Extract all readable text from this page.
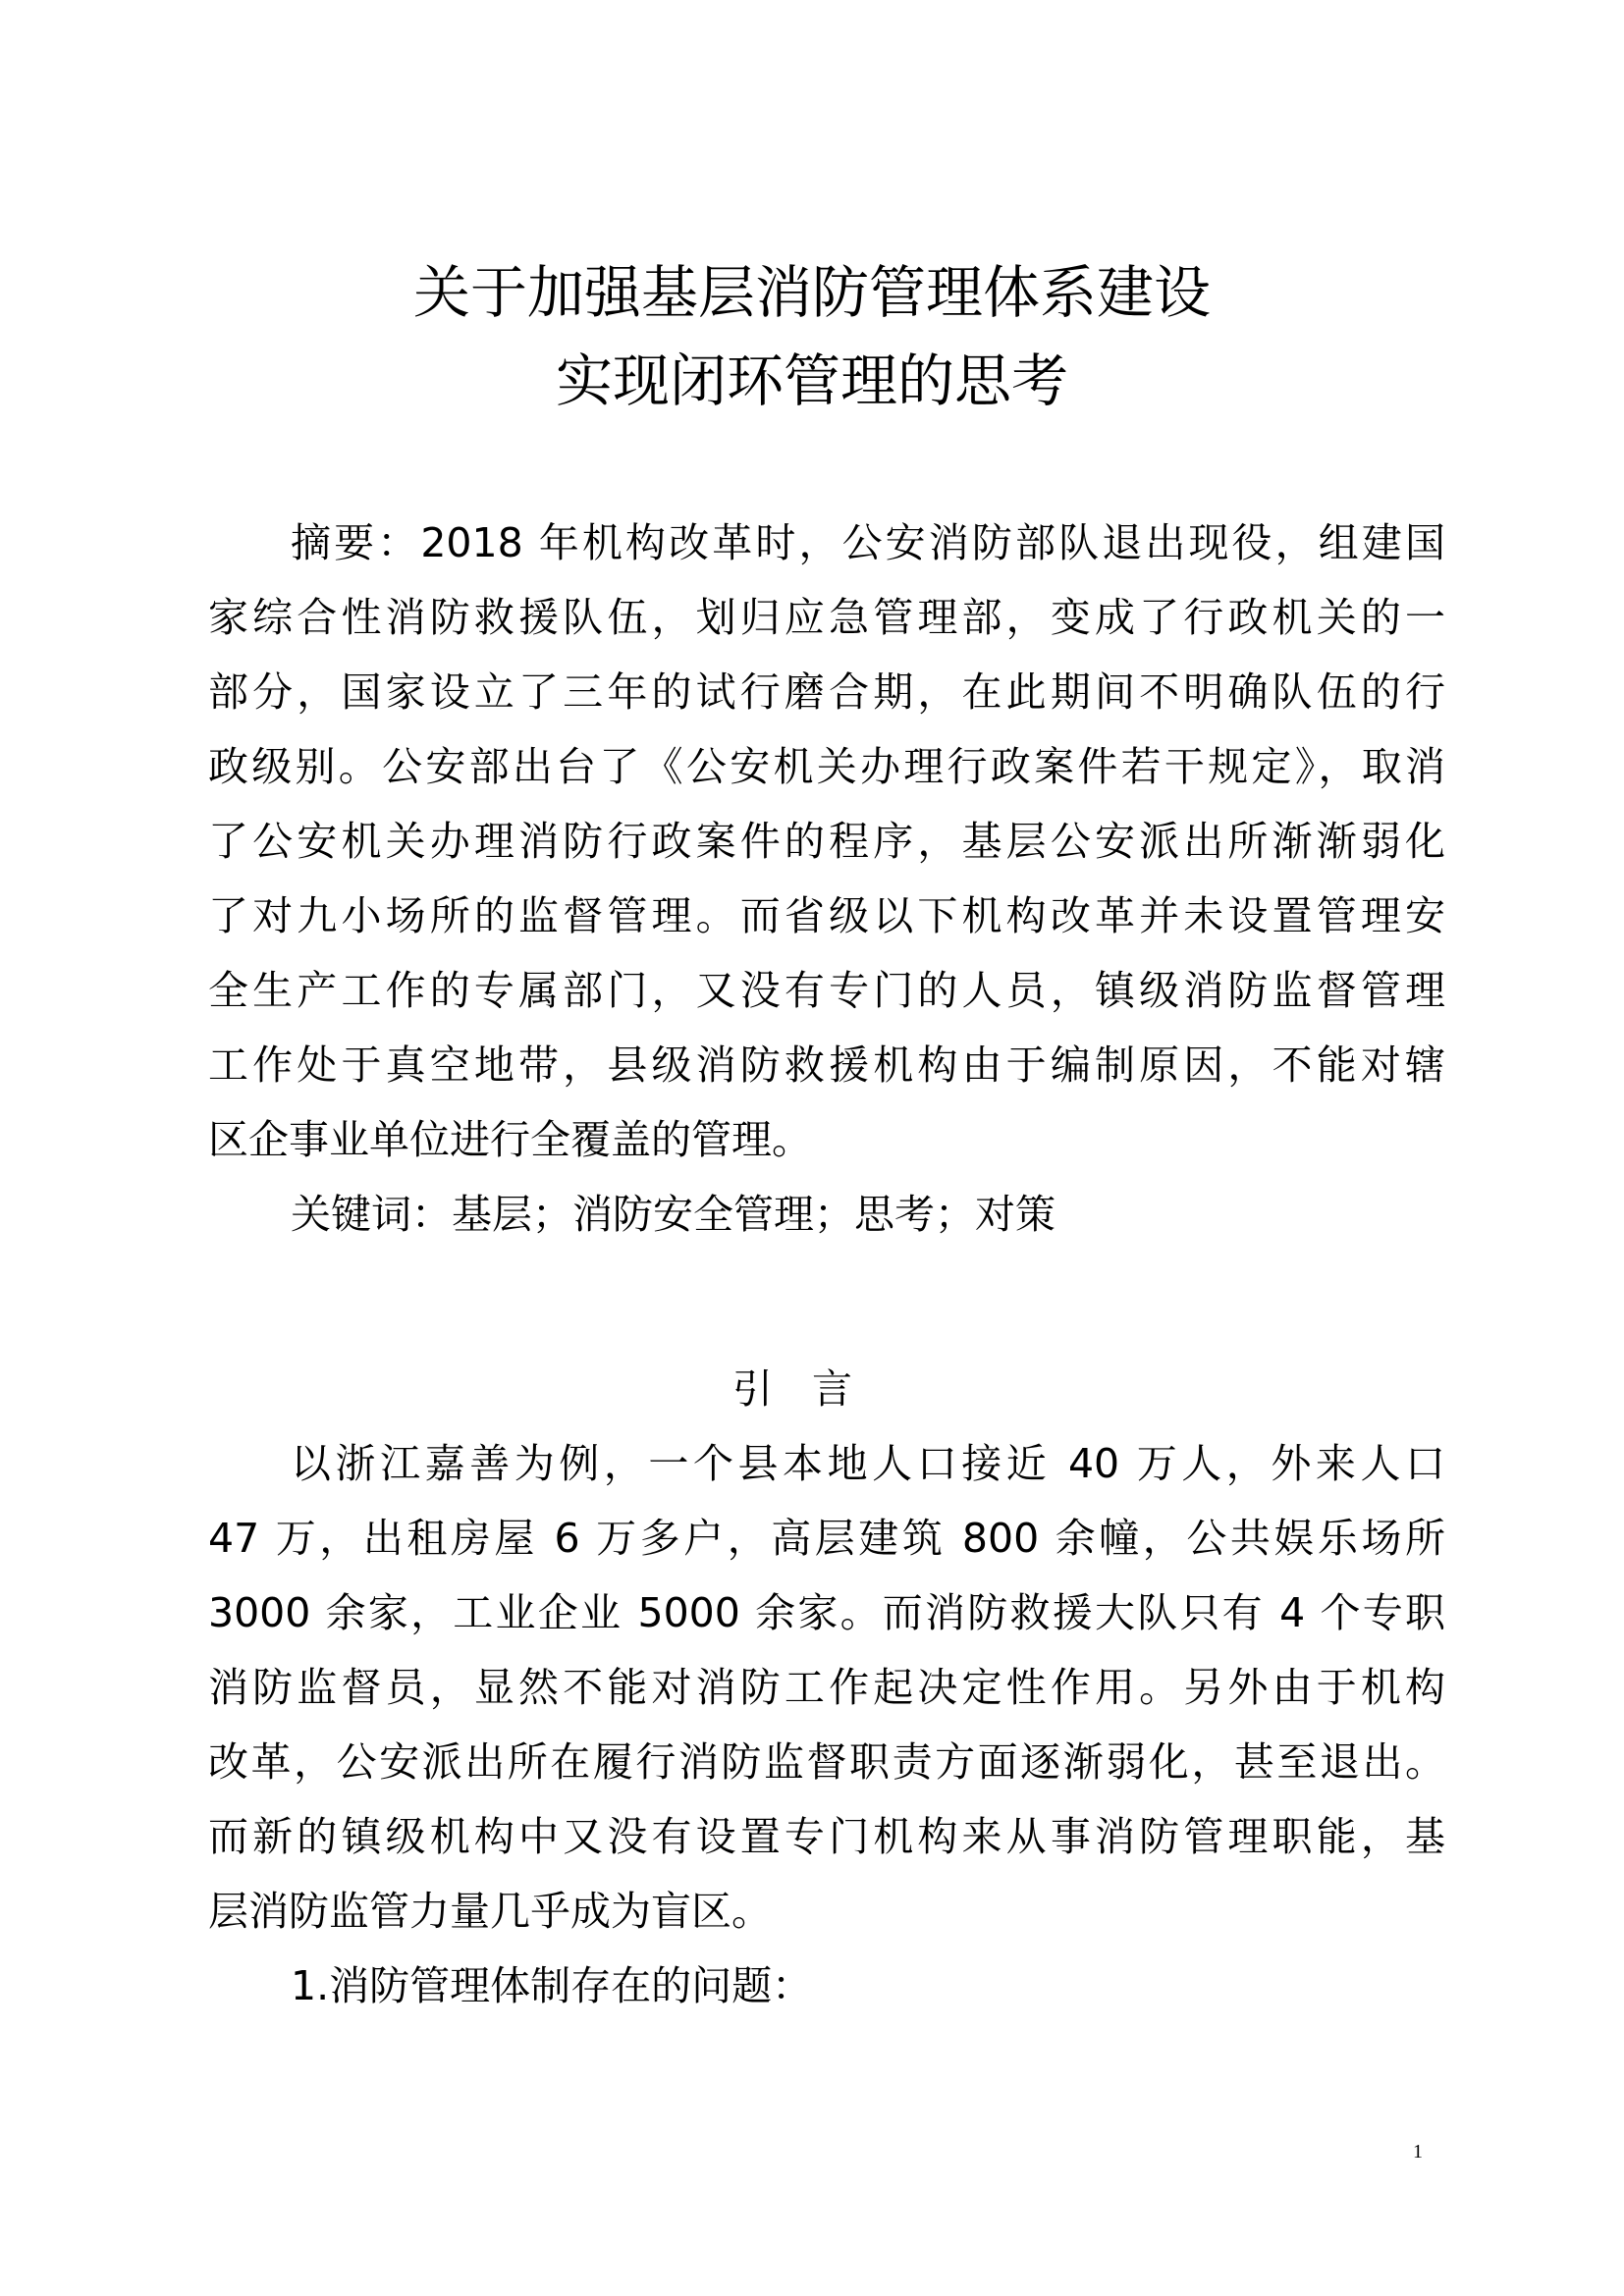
关于加强基层消防管理体系建设
实现闭环管理的思考
摘要：2018 年机构改革时，公安消防部队退出现役，组建国
家综合性消防救援队伍，划归应急管理部，变成了行政机关的一
部分，国家设立了三年的试行磨合期，在此期间不明确队伍的行
政级别。公安部出台了《公安机关办理行政案件若干规定》，取消
了公安机关办理消防行政案件的程序，基层公安派出所渐渐弱化
了对九小场所的监督管理。而省级以下机构改革并未设置管理安
全生产工作的专属部门，又没有专门的人员，镇级消防监督管理
工作处于真空地带，县级消防救援机构由于编制原因，不能对辖
区企事业单位进行全覆盖的管理。
关键词：基层；消防安全管理；思考；对策
引言
以浙江嘉善为例，一个县本地人口接近 40 万人，外来人口
47 万，出租房屋 6 万多户，高层建筑 800 余幢，公共娱乐场所
3000 余家，工业企业 5000 余家。而消防救援大队只有 4 个专职
消防监督员，显然不能对消防工作起决定性作用。另外由于机构
改革，公安派出所在履行消防监督职责方面逐渐弱化，甚至退出。
而新的镇级机构中又没有设置专门机构来从事消防管理职能，基
层消防监管力量几乎成为盲区。
1.消防管理体制存在的问题：
1
